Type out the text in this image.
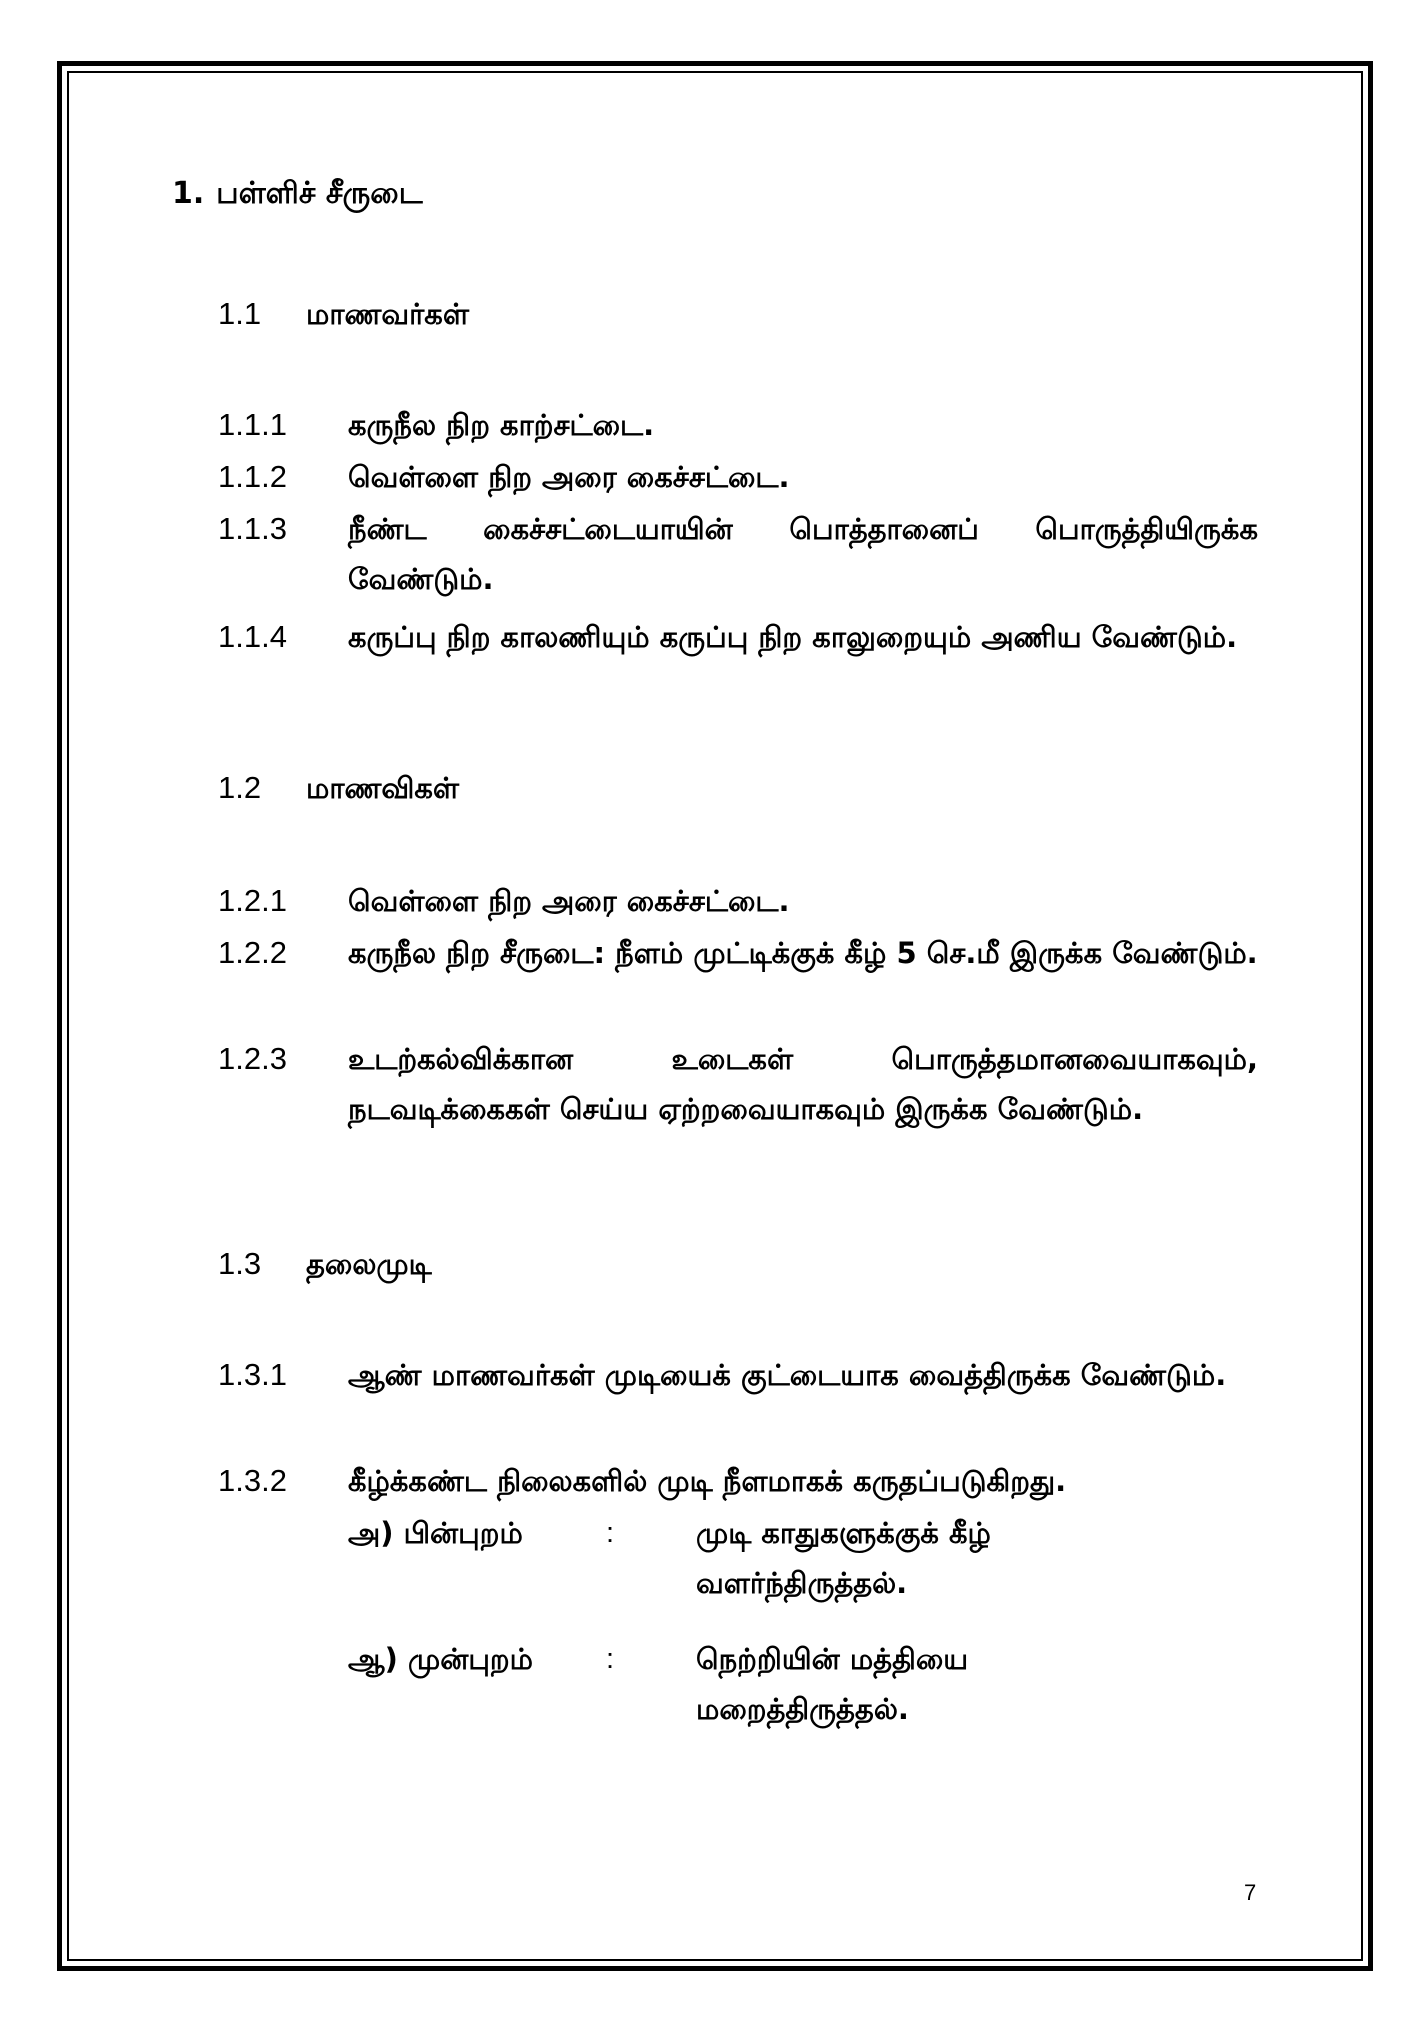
1. பள்ளிச் சீருடை
1.1 மாணவர்கள்
1.1.1	கருநீல நிற காற்சட்டை.
1.1.2	வெள்ளை நிற அரை கைச்சட்டை.
1.1.3	நீண்ட கைச்சட்டையாயின் பொத்தானைப் பொருத்தியிருக்க வேண்டும்.
1.1.4	கருப்பு நிற காலணியும் கருப்பு நிற காலுறையும் அணிய வேண்டும்.
1.2 மாணவிகள்
1.2.1	வெள்ளை நிற அரை கைச்சட்டை.
1.2.2	கருநீல நிற சீருடை: நீளம் முட்டிக்குக் கீழ் 5 செ.மீ இருக்க வேண்டும்.
1.2.3	உடற்கல்விக்கான உடைகள் பொருத்தமானவையாகவும், நடவடிக்கைகள் செய்ய ஏற்றவையாகவும் இருக்க வேண்டும்.
1.3 தலைமுடி
1.3.1	ஆண் மாணவர்கள் முடியைக் குட்டையாக வைத்திருக்க வேண்டும்.
1.3.2	கீழ்க்கண்ட நிலைகளில் முடி நீளமாகக் கருதப்படுகிறது.
அ) பின்புறம்	:	முடி காதுகளுக்குக் கீழ் வளர்ந்திருத்தல்.
ஆ) முன்புறம்	:	நெற்றியின் மத்தியை மறைத்திருத்தல்.
7
